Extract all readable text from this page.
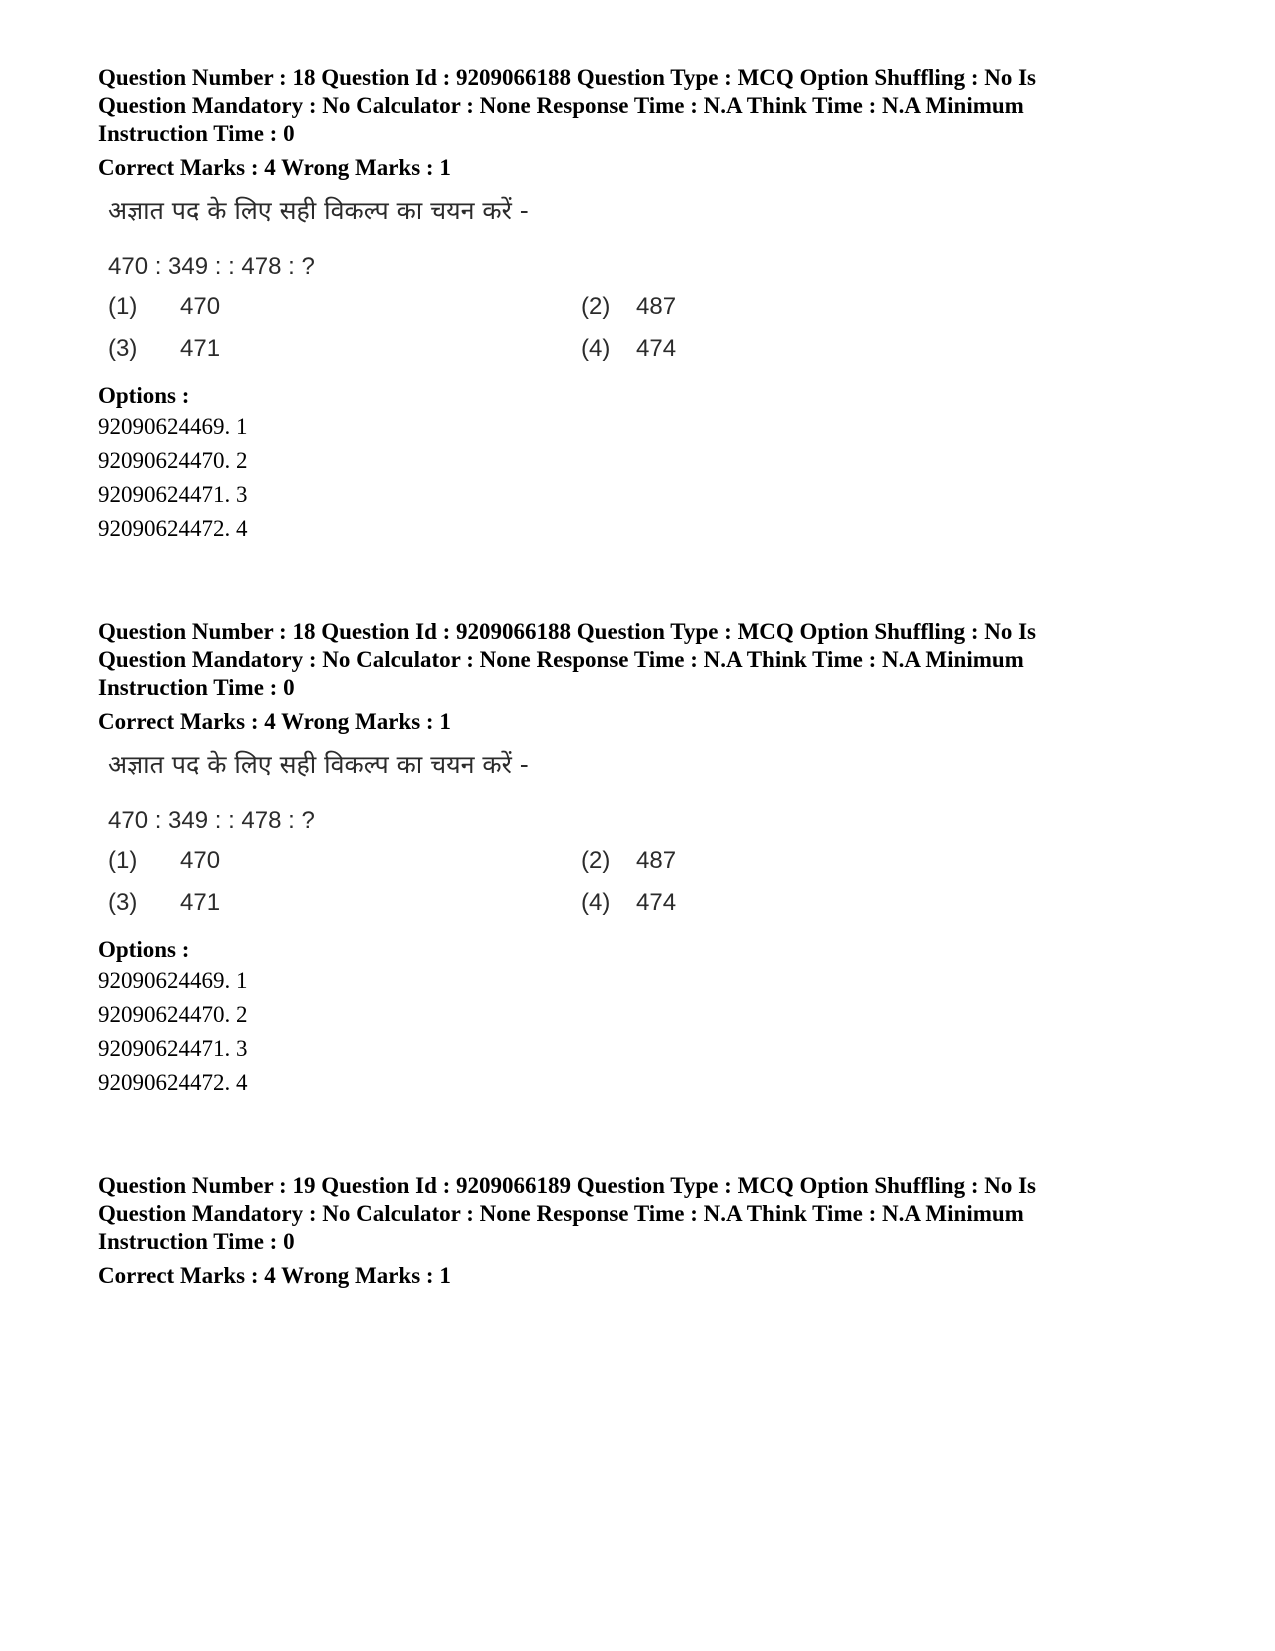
Question Number : 18 Question Id : 9209066188 Question Type : MCQ Option Shuffling : No Is
Question Mandatory : No Calculator : None Response Time : N.A Think Time : N.A Minimum
Instruction Time : 0
Correct Marks : 4 Wrong Marks : 1
अज्ञात पद के लिए सही विकल्प का चयन करें -
470 : 349 : : 478 : ?
(1) 470	(2) 487
(3) 471	(4) 474
Options :
92090624469. 1
92090624470. 2
92090624471. 3
92090624472. 4
Question Number : 18 Question Id : 9209066188 Question Type : MCQ Option Shuffling : No Is
Question Mandatory : No Calculator : None Response Time : N.A Think Time : N.A Minimum
Instruction Time : 0
Correct Marks : 4 Wrong Marks : 1
अज्ञात पद के लिए सही विकल्प का चयन करें -
470 : 349 : : 478 : ?
(1) 470	(2) 487
(3) 471	(4) 474
Options :
92090624469. 1
92090624470. 2
92090624471. 3
92090624472. 4
Question Number : 19 Question Id : 9209066189 Question Type : MCQ Option Shuffling : No Is
Question Mandatory : No Calculator : None Response Time : N.A Think Time : N.A Minimum
Instruction Time : 0
Correct Marks : 4 Wrong Marks : 1
